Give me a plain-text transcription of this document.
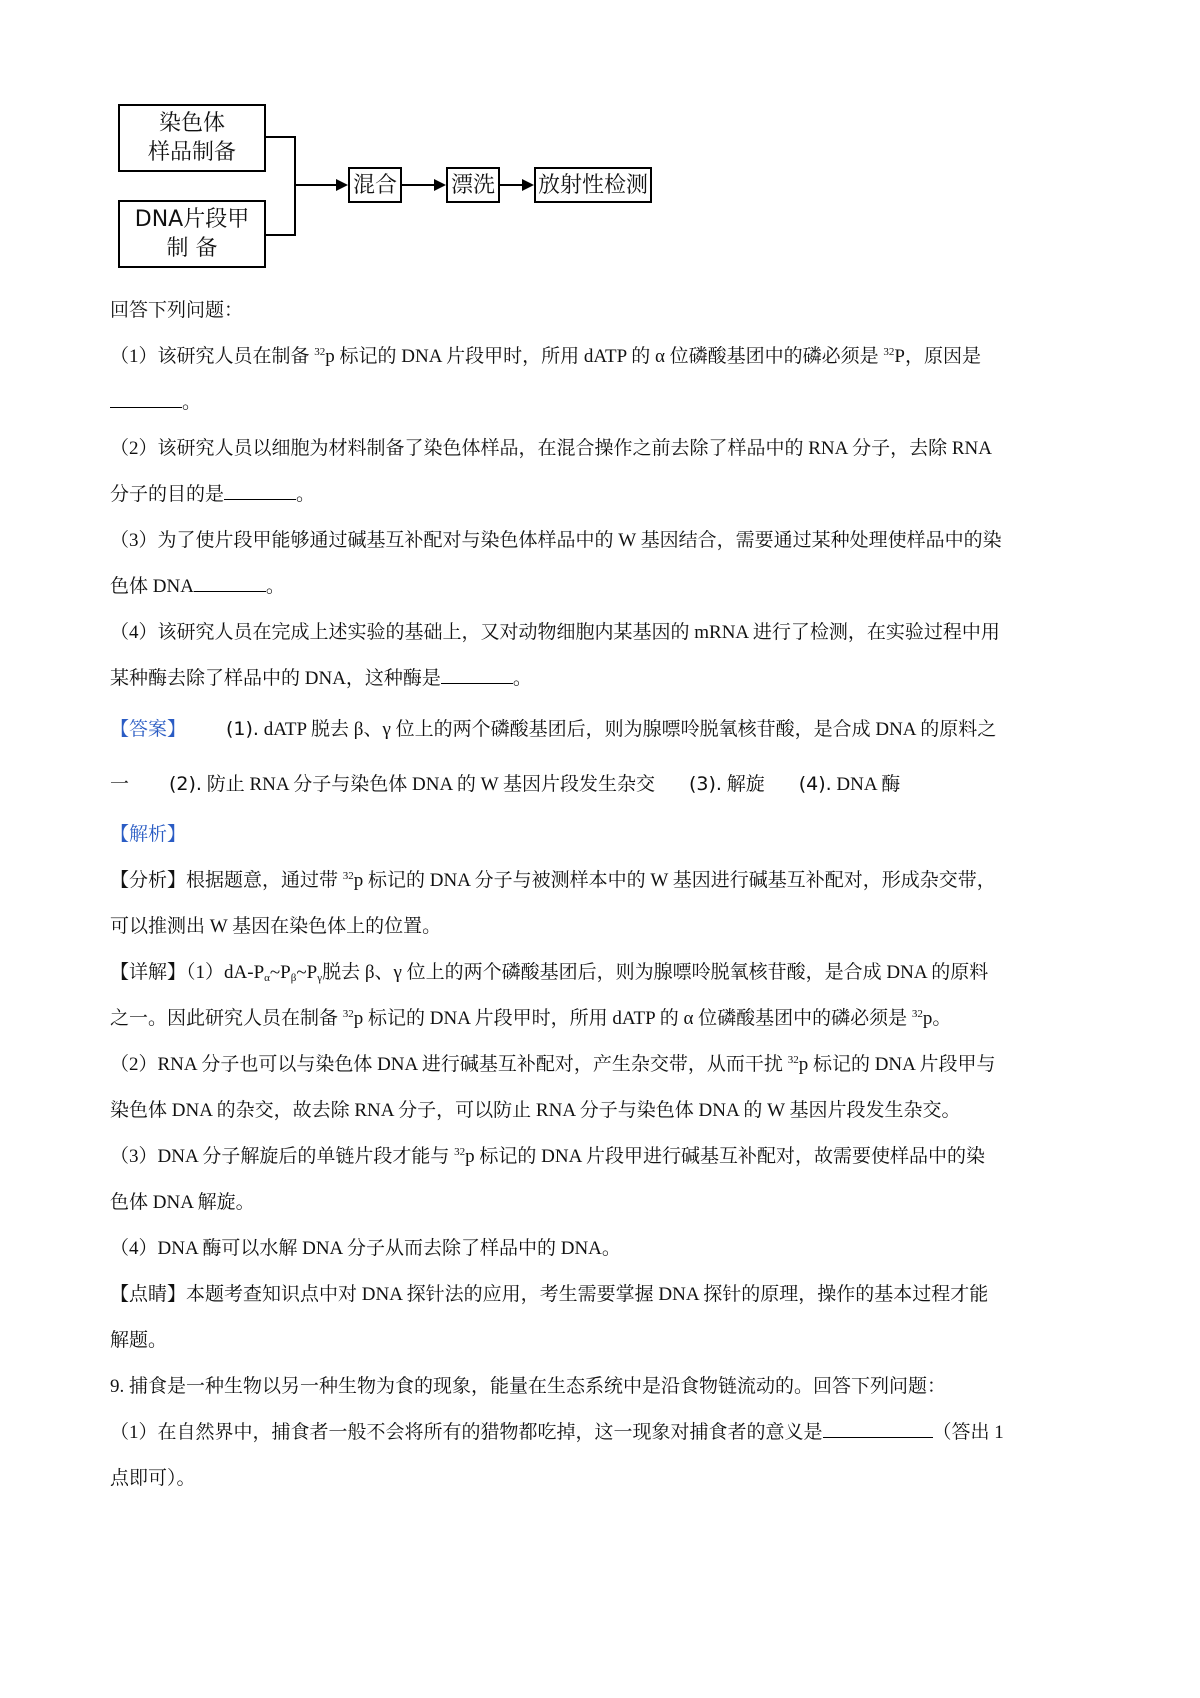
染色体
样品制备
DNA片段甲
制 备
混合 漂洗 放射性检测

回答下列问题：

（1）该研究人员在制备 $^{32}$p 标记的 DNA 片段甲时，所用 dATP 的 α 位磷酸基团中的磷必须是 $^{32}$P，原因是

。

（2）该研究人员以细胞为材料制备了染色体样品，在混合操作之前去除了样品中的 RNA 分子，去除 RNA

分子的目的是	。

（3）为了使片段甲能够通过碱基互补配对与染色体样品中的 W 基因结合，需要通过某种处理使样品中的染

色体 DNA	。

（4）该研究人员在完成上述实验的基础上，又对动物细胞内某基因的 mRNA 进行了检测，在实验过程中用

某种酶去除了样品中的 DNA，这种酶是	。

【答案】 (1). dATP 脱去 β、γ 位上的两个磷酸基团后，则为腺嘌呤脱氧核苷酸，是合成 DNA 的原料之

一 (2). 防止 RNA 分子与染色体 DNA 的 W 基因片段发生杂交 (3). 解旋 (4). DNA 酶

【解析】

【分析】根据题意，通过带 $^{32}$p 标记的 DNA 分子与被测样本中的 W 基因进行碱基互补配对，形成杂交带，

可以推测出 W 基因在染色体上的位置。

【详解】$(1)dA-P_\alpha\sim P_\beta\sim P_\gamma$脱去 β、γ 位上的两个磷酸基团后，则为腺嘌呤脱氧核苷酸，是合成 DNA 的原料

之一。因此研究人员在制备 $^{32}$p 标记的 DNA 片段甲时，所用 dATP 的 α 位磷酸基团中的磷必须是 $^{32}$p。

（2）RNA 分子也可以与染色体 DNA 进行碱基互补配对，产生杂交带，从而干扰 $^{32}$p 标记的 DNA 片段甲与

染色体 DNA 的杂交，故去除 RNA 分子，可以防止 RNA 分子与染色体 DNA 的 W 基因片段发生杂交。

（3）DNA 分子解旋后的单链片段才能与 $^{32}$p 标记的 DNA 片段甲进行碱基互补配对，故需要使样品中的染

色体 DNA 解旋。

（4）DNA 酶可以水解 DNA 分子从而去除了样品中的 DNA。

【点睛】本题考查知识点中对 DNA 探针法的应用，考生需要掌握 DNA 探针的原理，操作的基本过程才能

解题。

9. 捕食是一种生物以另一种生物为食的现象，能量在生态系统中是沿食物链流动的。回答下列问题：

（1）在自然界中，捕食者一般不会将所有的猎物都吃掉，这一现象对捕食者的意义是	（答出 1

点即可）。
